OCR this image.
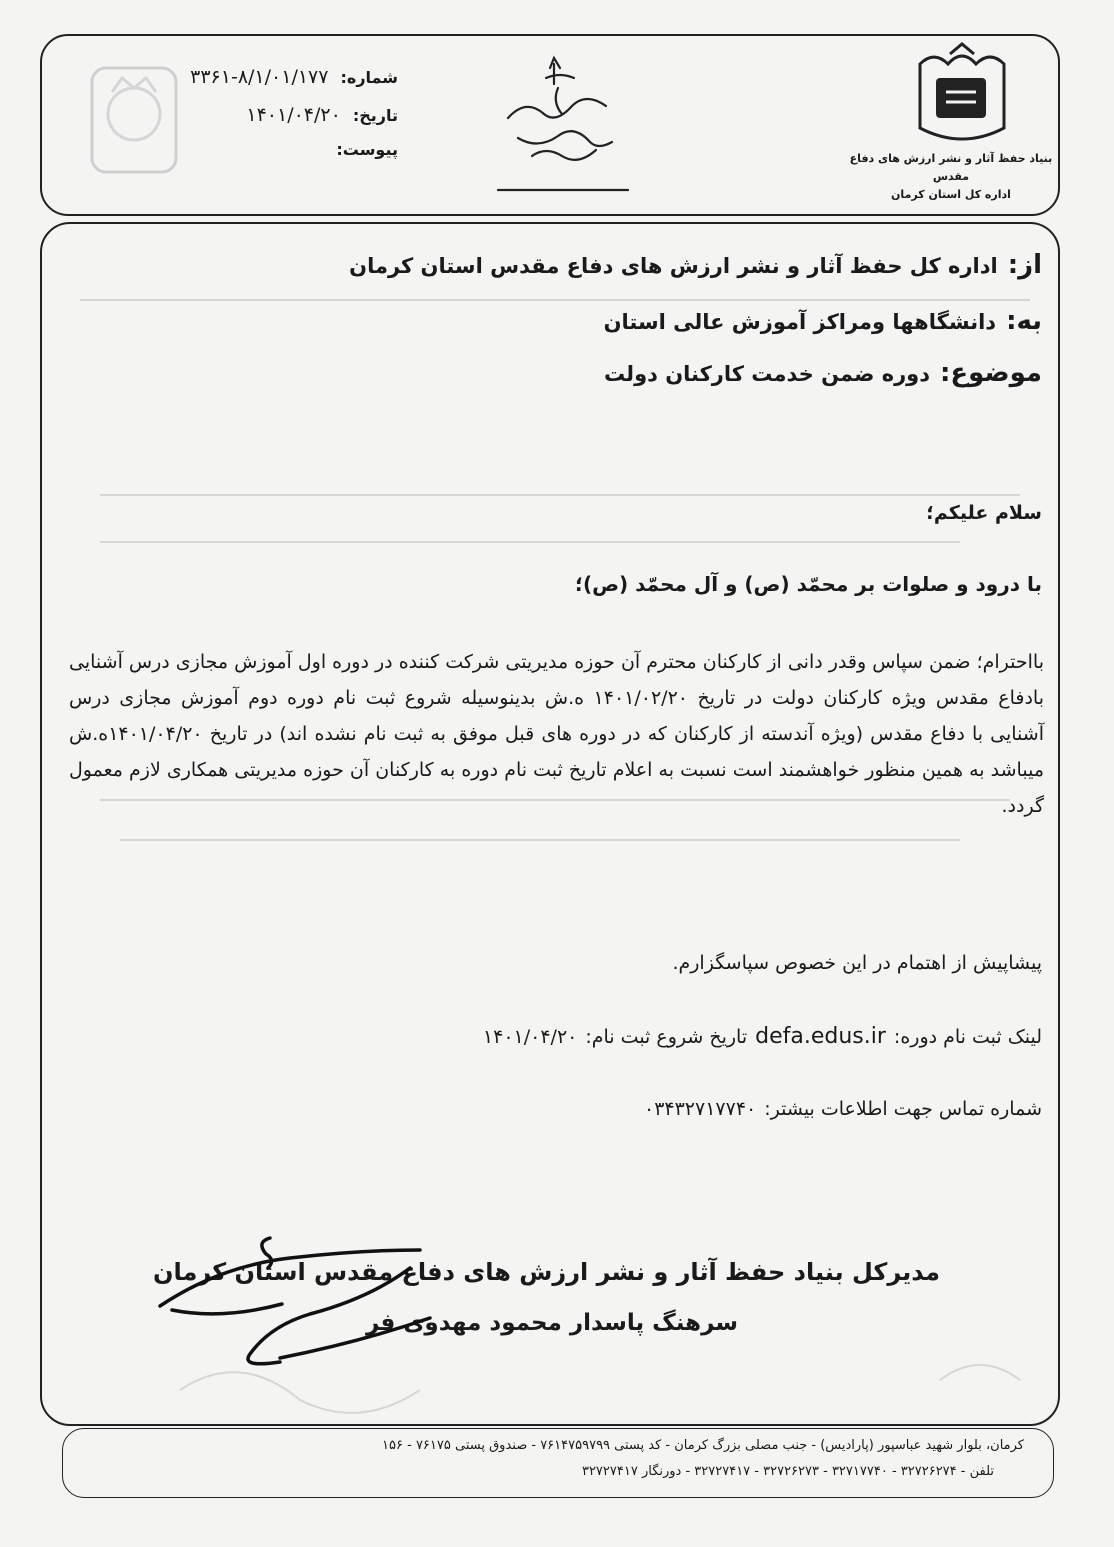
شماره:
۳۳۶۱-۸/۱/۰۱/۱۷۷
تاریخ:
۱۴۰۱/۰۴/۲۰
پیوست:	بنیاد حفظ آثار و نشر ارزش های دفاع مقدس
اداره کل استان کرمان
از:
اداره کل حفظ آثار و نشر ارزش های دفاع مقدس استان کرمان
به:
دانشگاهها ومراکز آموزش عالی استان
موضوع:
دوره ضمن خدمت کارکنان دولت
سلام علیکم؛
با درود و صلوات بر محمّد (ص) و آل محمّد (ص)؛
بااحترام؛ ضمن سپاس وقدر دانی از کارکنان محترم آن حوزه مدیریتی شرکت کننده در دوره اول آموزش مجازی درس آشنایی بادفاع مقدس ویژه کارکنان دولت در تاریخ ۱۴۰۱/۰۲/۲۰ ه.ش بدینوسیله شروع ثبت نام دوره دوم آموزش مجازی درس آشنایی با دفاع مقدس (ویژه آندسته از کارکنان که در دوره های قبل موفق به ثبت نام نشده اند) در تاریخ ۱۴۰۱/۰۴/۲۰ه.ش میباشد به همین منظور خواهشمند است نسبت به اعلام تاریخ ثبت نام دوره به کارکنان آن حوزه مدیریتی همکاری لازم معمول گردد.
پیشاپیش از اهتمام در این خصوص سپاسگزارم.
لینک ثبت نام دوره:
defa.edus.ir
تاریخ شروع ثبت نام:
۱۴۰۱/۰۴/۲۰
شماره تماس جهت اطلاعات بیشتر:
۰۳۴۳۲۷۱۷۷۴۰
مدیرکل بنیاد حفظ آثار و نشر ارزش های دفاع مقدس استان کرمان
سرهنگ پاسدار محمود مهدوی فر
کرمان، بلوار شهید عباسپور (پارادیس) - جنب مصلی بزرگ کرمان - کد پستی ۷۶۱۴۷۵۹۷۹۹ - صندوق پستی ۷۶۱۷۵ - ۱۵۶
تلفن - ۳۲۷۲۶۲۷۴ - ۳۲۷۱۷۷۴۰ - ۳۲۷۲۶۲۷۳ - ۳۲۷۲۷۴۱۷ - دورنگار ۳۲۷۲۷۴۱۷
